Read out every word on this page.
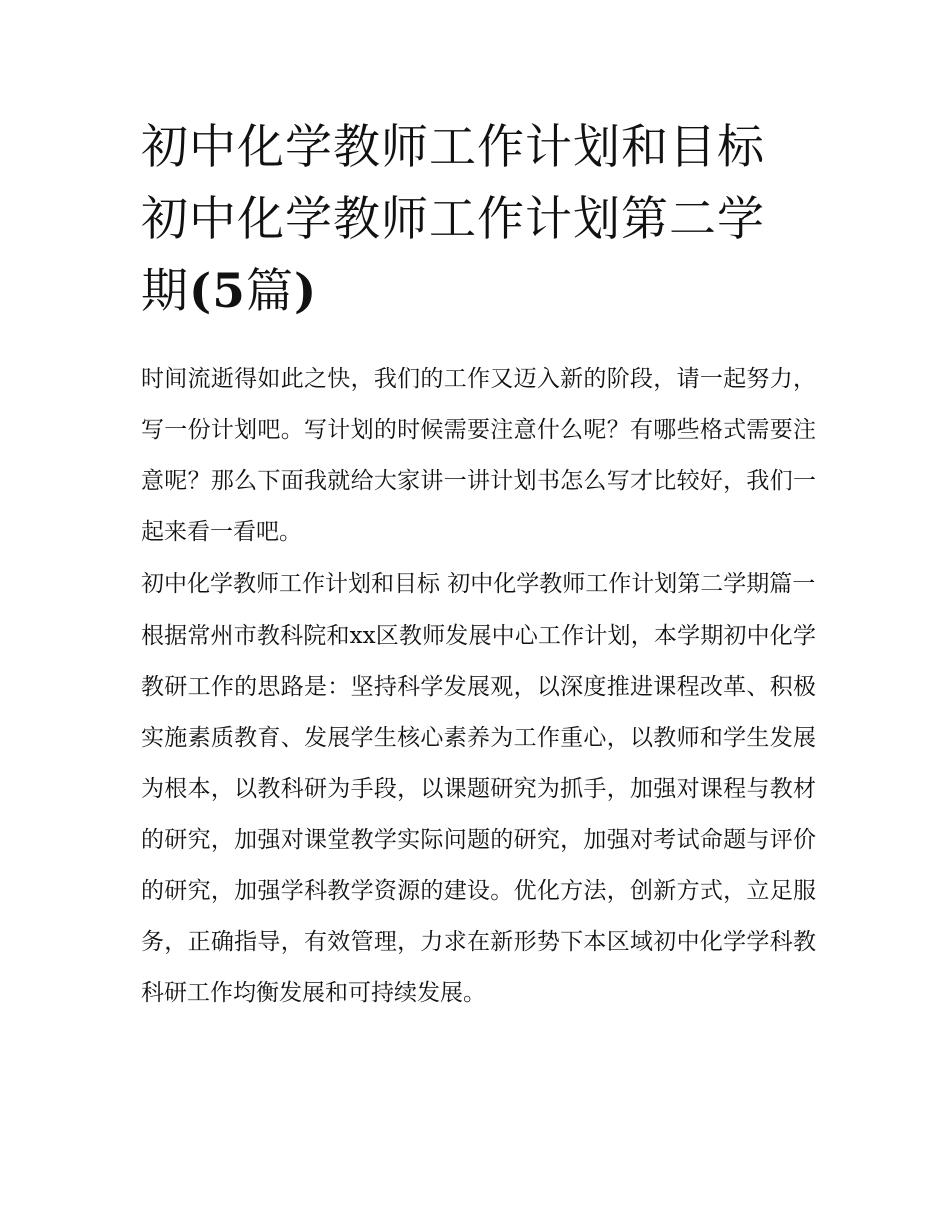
初中化学教师工作计划和目标
初中化学教师工作计划第二学
期(5篇)

时间流逝得如此之快，我们的工作又迈入新的阶段，请一起努力，写一份计划吧。写计划的时候需要注意什么呢？有哪些格式需要注意呢？那么下面我就给大家讲一讲计划书怎么写才比较好，我们一起来看一看吧。

初中化学教师工作计划和目标 初中化学教师工作计划第二学期篇一

根据常州市教科院和xx区教师发展中心工作计划，本学期初中化学教研工作的思路是：坚持科学发展观，以深度推进课程改革、积极实施素质教育、发展学生核心素养为工作重心，以教师和学生发展为根本，以教科研为手段，以课题研究为抓手，加强对课程与教材的研究，加强对课堂教学实际问题的研究，加强对考试命题与评价的研究，加强学科教学资源的建设。优化方法，创新方式，立足服务，正确指导，有效管理，力求在新形势下本区域初中化学学科教科研工作均衡发展和可持续发展。
